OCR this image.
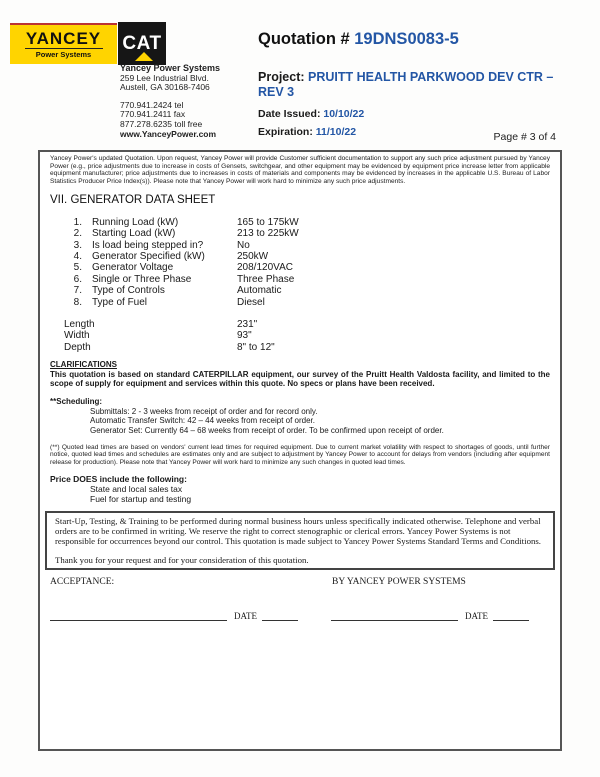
YANCEY
Power Systems
CAT
Yancey Power Systems
259 Lee Industrial Blvd.
Austell, GA 30168-7406
770.941.2424 tel
770.941.2411 fax
877.278.6235 toll free
www.YanceyPower.com
Quotation # 19DNS0083-5
Project: PRUITT HEALTH PARKWOOD DEV CTR – REV 3
Date Issued: 10/10/22
Expiration: 11/10/22	Page # 3 of 4

Yancey Power's updated Quotation. Upon request, Yancey Power will provide Customer sufficient documentation to support any such price adjustment pursued by Yancey Power (e.g., price adjustments due to increase in costs of Gensets, switchgear, and other equipment may be evidenced by equipment price increase letter from applicable equipment manufacturer; price adjustments due to increases in costs of materials and components may be evidenced by increases in the applicable U.S. Bureau of Labor Statistics Producer Price Index(s)). Please note that Yancey Power will work hard to minimize any such price adjustments.

VII. GENERATOR DATA SHEET
1. Running Load (kW)	165 to 175kW
2. Starting Load (kW)	213 to 225kW
3. Is load being stepped in?	No
4. Generator Specified (kW)	250kW
5. Generator Voltage	208/120VAC
6. Single or Three Phase	Three Phase
7. Type of Controls	Automatic
8. Type of Fuel	Diesel
Length	231"
Width	93"
Depth	8" to 12"
CLARIFICATIONS
This quotation is based on standard CATERPILLAR equipment, our survey of the Pruitt Health Valdosta facility, and limited to the scope of supply for equipment and services within this quote. No specs or plans have been received.
**Scheduling:
Submittals: 2 - 3 weeks from receipt of order and for record only.
Automatic Transfer Switch: 42 – 44 weeks from receipt of order.
Generator Set: Currently 64 – 68 weeks from receipt of order. To be confirmed upon receipt of order.

(**) Quoted lead times are based on vendors' current lead times for required equipment. Due to current market volatility with respect to shortages of goods, until further notice, quoted lead times and schedules are estimates only and are subject to adjustment by Yancey Power to account for delays from vendors (including after equipment release for production). Please note that Yancey Power will work hard to minimize any such changes in quoted lead times.

Price DOES include the following:
State and local sales tax
Fuel for startup and testing

Start-Up, Testing, & Training to be performed during normal business hours unless specifically indicated otherwise. Telephone and verbal orders are to be confirmed in writing. We reserve the right to correct stenographic or clerical errors. Yancey Power Systems is not responsible for occurrences beyond our control. This quotation is made subject to Yancey Power Systems Standard Terms and Conditions.

Thank you for your request and for your consideration of this quotation.

ACCEPTANCE:	BY YANCEY POWER SYSTEMS
DATE	DATE
